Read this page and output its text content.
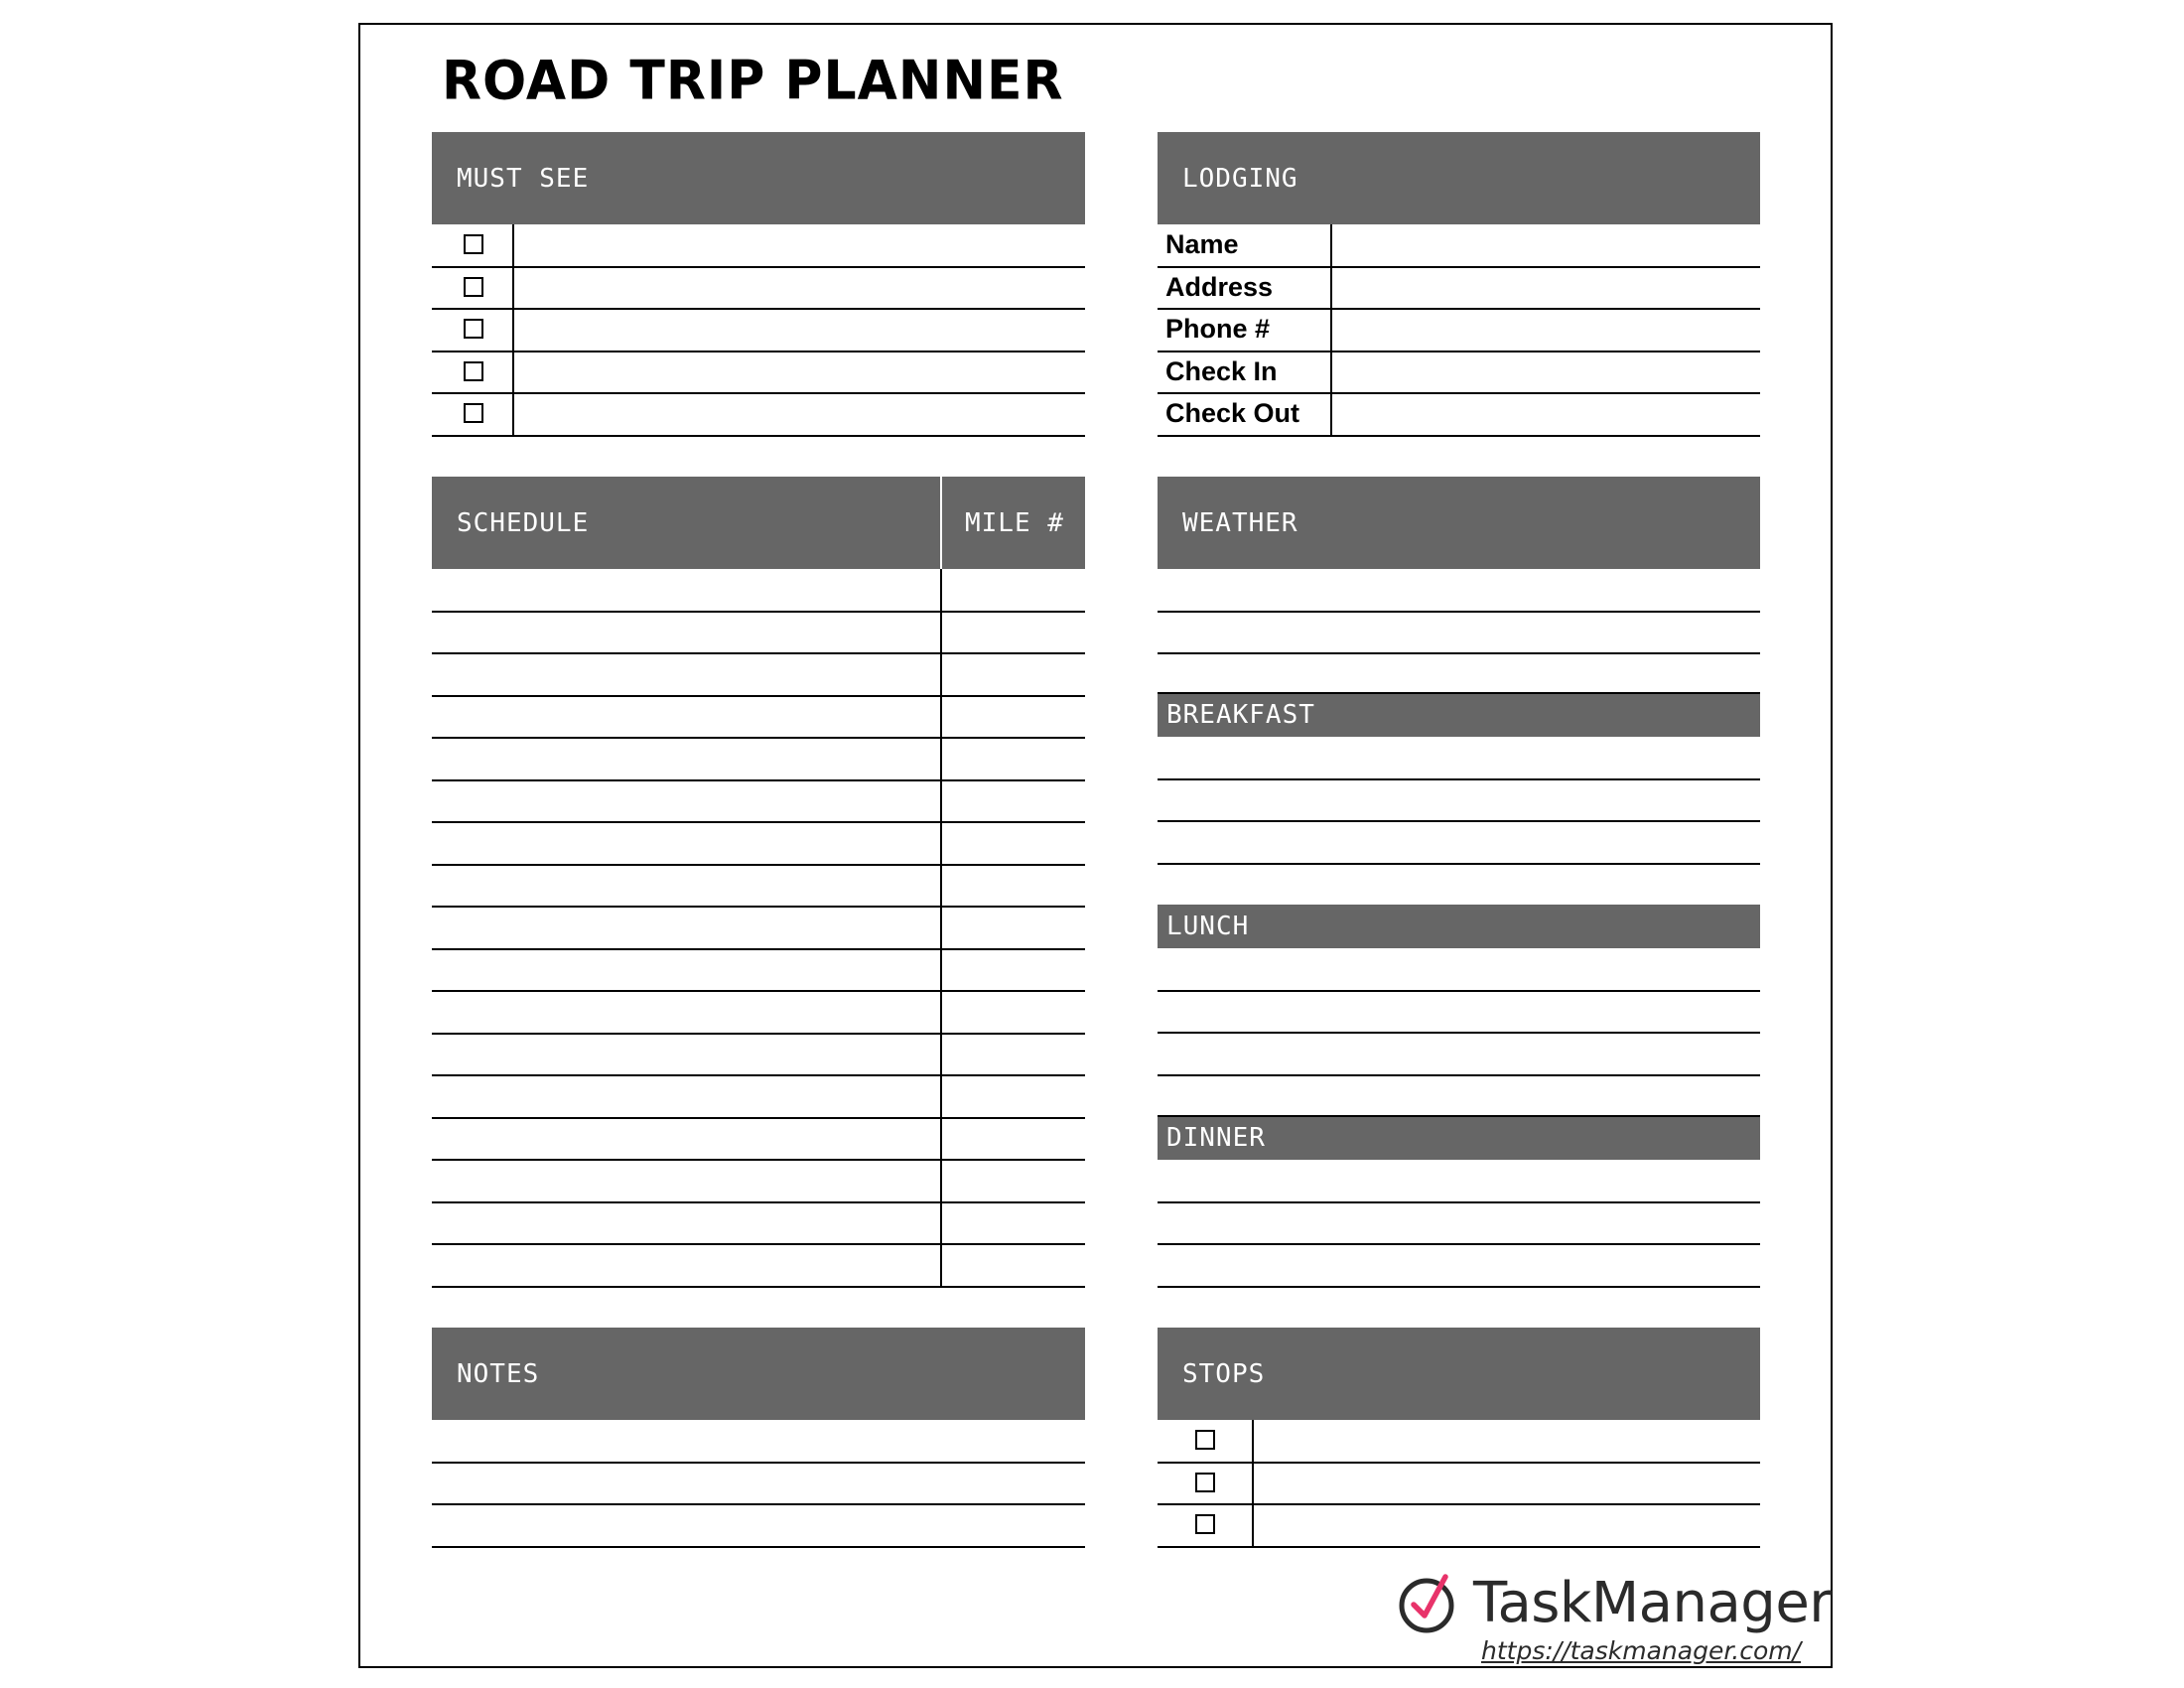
ROAD TRIP PLANNER
MUST SEE	LODGING
Name
Address
Phone #
Check In
Check Out
SCHEDULE	MILE #	WEATHER
BREAKFAST
LUNCH
DINNER
NOTES	STOPS
TaskManager
https://taskmanager.com/
